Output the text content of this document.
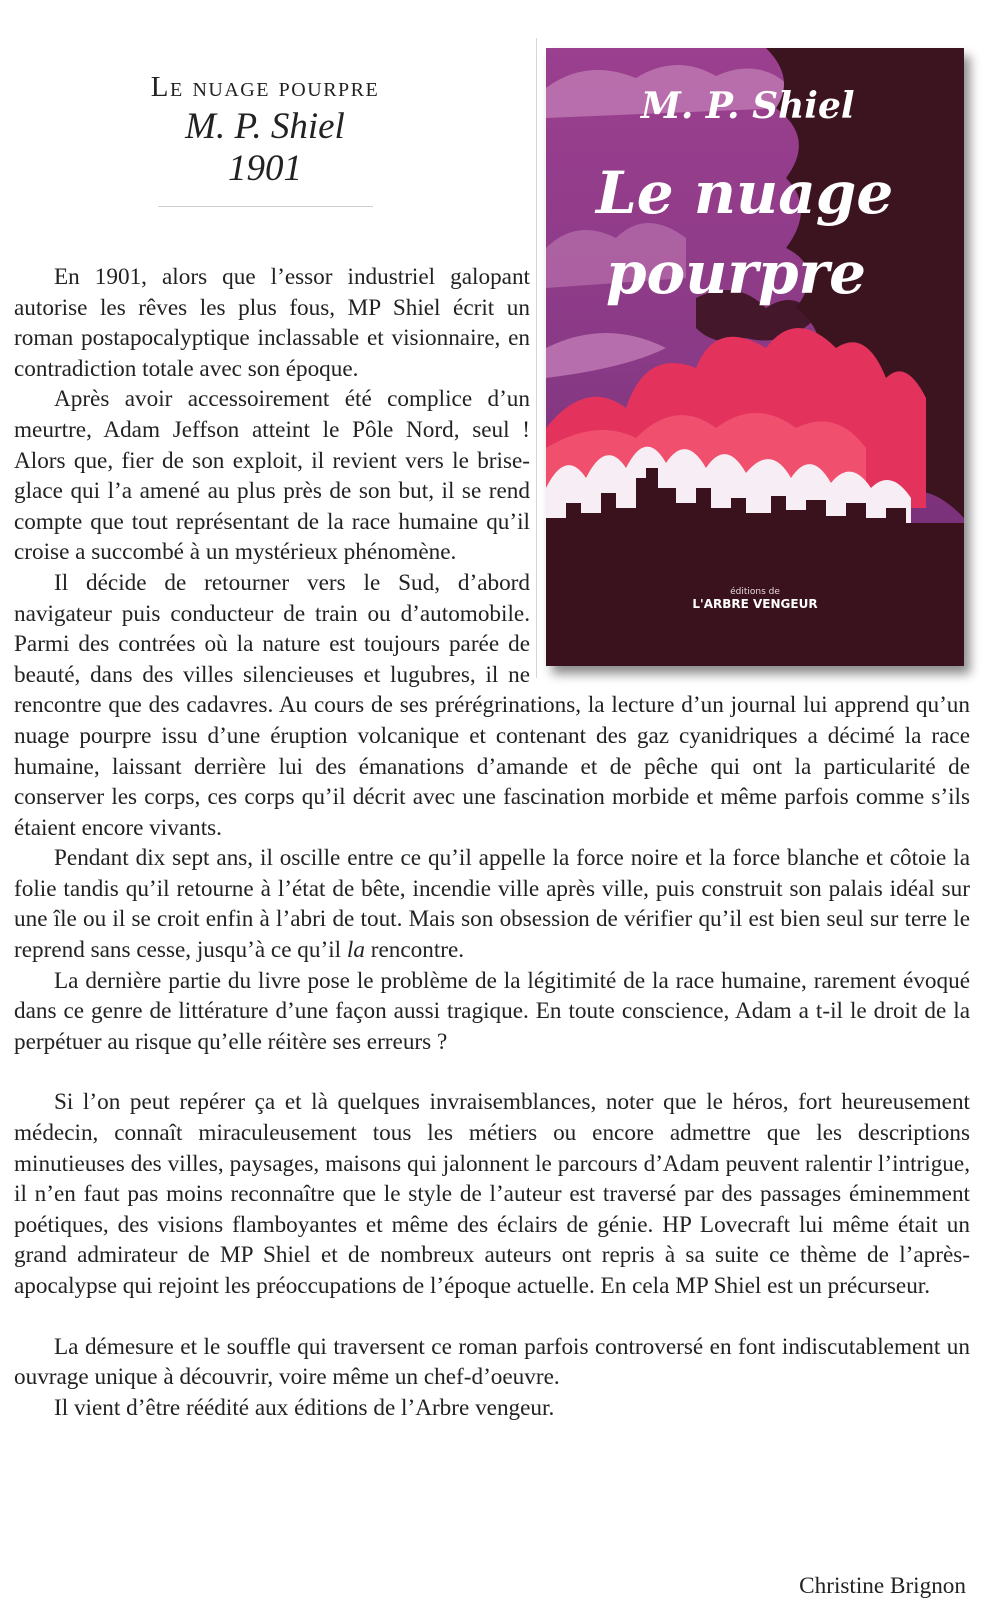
Le nuage pourpre
M. P. Shiel
1901
M. P. Shiel
Le nuage
pourpre
éditions de
L'ARBRE VENGEUR

En 1901, alors que l’essor industriel galopant autorise les rêves les plus fous, MP Shiel écrit un roman postapocalyptique inclassable et visionnaire, en contradiction totale avec son époque.

Après avoir accessoirement été complice d’un meurtre, Adam Jeffson atteint le Pôle Nord, seul ! Alors que, fier de son exploit, il revient vers le brise-glace qui l’a amené au plus près de son but, il se rend compte que tout représentant de la race humaine qu’il croise a succombé à un mystérieux phénomène.

Il décide de retourner vers le Sud, d’abord navigateur puis conducteur de train ou d’automobile. Parmi des contrées où la nature est toujours parée de beauté, dans des villes silencieuses et lugubres, il ne rencontre que des cadavres. Au cours de ses prérégrinations, la lecture d’un journal lui apprend qu’un nuage pourpre issu d’une éruption volcanique et contenant des gaz cyanidriques a décimé la race humaine, laissant derrière lui des émanations d’amande et de pêche qui ont la particularité de conserver les corps, ces corps qu’il décrit avec une fascination morbide et même parfois comme s’ils étaient encore vivants.

Pendant dix sept ans, il oscille entre ce qu’il appelle la force noire et la force blanche et côtoie la folie tandis qu’il retourne à l’état de bête, incendie ville après ville, puis construit son palais idéal sur une île ou il se croit enfin à l’abri de tout. Mais son obsession de vérifier qu’il est bien seul sur terre le reprend sans cesse, jusqu’à ce qu’il la rencontre.

La dernière partie du livre pose le problème de la légitimité de la race humaine, rarement évoqué dans ce genre de littérature d’une façon aussi tragique. En toute conscience, Adam a t-il le droit de la perpétuer au risque qu’elle réitère ses erreurs ?

Si l’on peut repérer ça et là quelques invraisemblances, noter que le héros, fort heureusement médecin, connaît miraculeusement tous les métiers ou encore admettre que les descriptions minutieuses des villes, paysages, maisons qui jalonnent le parcours d’Adam peuvent ralentir l’intrigue, il n’en faut pas moins reconnaître que le style de l’auteur est traversé par des passages éminemment poétiques, des visions flamboyantes et même des éclairs de génie. HP Lovecraft lui même était un grand admirateur de MP Shiel et de nombreux auteurs ont repris à sa suite ce thème de l’après-apocalypse qui rejoint les préoccupations de l’époque actuelle. En cela MP Shiel est un précurseur.

La démesure et le souffle qui traversent ce roman parfois controversé en font indiscutablement un ouvrage unique à découvrir, voire même un chef-d’oeuvre.

Il vient d’être réédité aux éditions de l’Arbre vengeur.

Christine Brignon
